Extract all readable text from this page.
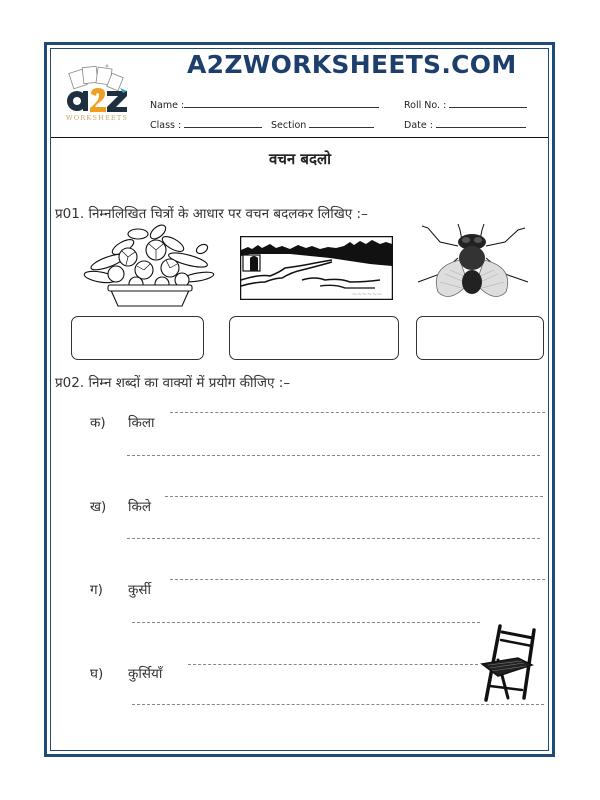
WORKSHEETS
A2ZWORKSHEETS.COM
Name :	Roll No. :
Class :	Section	Date :
वचन बदलो
प्र01. निम्नलिखित चित्रों के आधार पर वचन बदलकर लिखिए :–
~~~~~~
प्र02. निम्न शब्दों का वाक्यों में प्रयोग कीजिए :–
क) किला
ख) किले
ग) कुर्सी
घ) कुर्सियाँ
